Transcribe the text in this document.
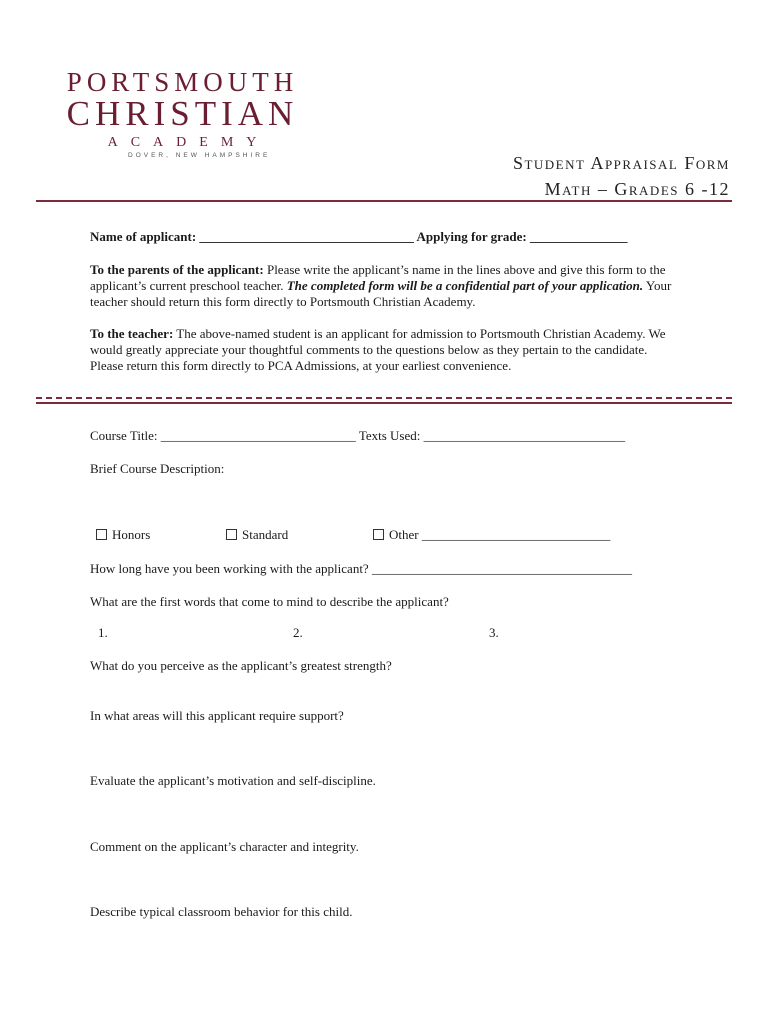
PORTSMOUTH
CHRISTIAN
ACADEMY
DOVER, NEW HAMPSHIRE	Student Appraisal Form
Math – Grades 6 -12
Name of applicant: _________________________________ Applying for grade: _______________
To the parents of the applicant: Please write the applicant’s name in the lines above and give this form to the applicant’s current preschool teacher. The completed form will be a confidential part of your application. Your teacher should return this form directly to Portsmouth Christian Academy.
To the teacher: The above-named student is an applicant for admission to Portsmouth Christian Academy. We would greatly appreciate your thoughtful comments to the questions below as they pertain to the candidate. Please return this form directly to PCA Admissions, at your earliest convenience.
Course Title: ______________________________ Texts Used: _______________________________
Brief Course Description:
Honors	Standard	Other _____________________________
How long have you been working with the applicant? ________________________________________
What are the first words that come to mind to describe the applicant?
1.	2.	3.
What do you perceive as the applicant’s greatest strength?
In what areas will this applicant require support?
Evaluate the applicant’s motivation and self-discipline.
Comment on the applicant’s character and integrity.
Describe typical classroom behavior for this child.
